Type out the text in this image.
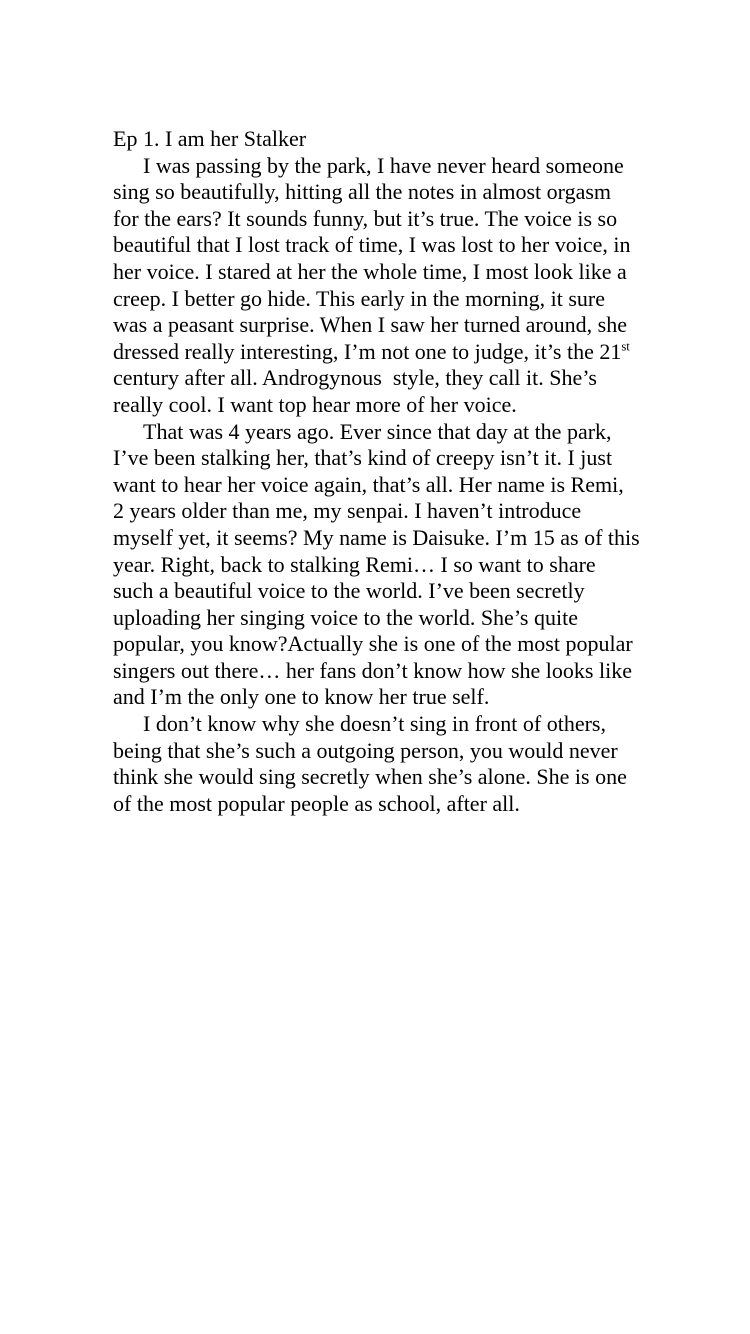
Ep 1. I am her Stalker

I was passing by the park, I have never heard someone sing so beautifully, hitting all the notes in almost orgasm for the ears? It sounds funny, but it’s true. The voice is so beautiful that I lost track of time, I was lost to her voice, in her voice. I stared at her the whole time, I most look like a creep. I better go hide. This early in the morning, it sure was a peasant surprise. When I saw her turned around, she dressed really interesting, I’m not one to judge, it’s the 21st century after all. Androgynous  style, they call it. She’s really cool. I want top hear more of her voice.

That was 4 years ago. Ever since that day at the park, I’ve been stalking her, that’s kind of creepy isn’t it. I just want to hear her voice again, that’s all. Her name is Remi, 2 years older than me, my senpai. I haven’t introduce myself yet, it seems? My name is Daisuke. I’m 15 as of this year. Right, back to stalking Remi… I so want to share such a beautiful voice to the world. I’ve been secretly uploading her singing voice to the world. She’s quite popular, you know?Actually she is one of the most popular singers out there… her fans don’t know how she looks like and I’m the only one to know her true self.

I don’t know why she doesn’t sing in front of others, being that she’s such a outgoing person, you would never think she would sing secretly when she’s alone. She is one of the most popular people as school, after all.
